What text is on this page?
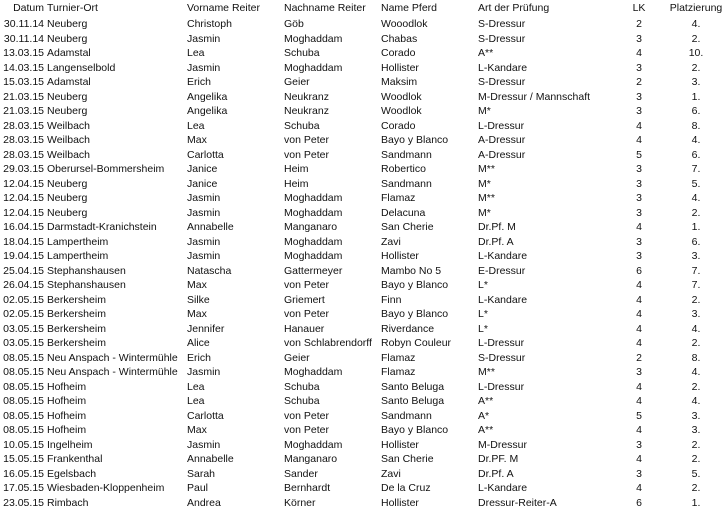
Datum	Turnier-Ort	Vorname Reiter	Nachname Reiter	Name Pferd	Art der Prüfung	LK	Platzierung
30.11.14	Neuberg	Christoph	Göb	Wooodlok	S-Dressur	2	4.
30.11.14	Neuberg	Jasmin	Moghaddam	Chabas	S-Dressur	3	2.
13.03.15	Adamstal	Lea	Schuba	Corado	A**	4	10.
14.03.15	Langenselbold	Jasmin	Moghaddam	Hollister	L-Kandare	3	2.
15.03.15	Adamstal	Erich	Geier	Maksim	S-Dressur	2	3.
21.03.15	Neuberg	Angelika	Neukranz	Woodlok	M-Dressur / Mannschaft	3	1.
21.03.15	Neuberg	Angelika	Neukranz	Woodlok	M*	3	6.
28.03.15	Weilbach	Lea	Schuba	Corado	L-Dressur	4	8.
28.03.15	Weilbach	Max	von Peter	Bayo y Blanco	A-Dressur	4	4.
28.03.15	Weilbach	Carlotta	von Peter	Sandmann	A-Dressur	5	6.
29.03.15	Oberursel-Bommersheim	Janice	Heim	Robertico	M**	3	7.
12.04.15	Neuberg	Janice	Heim	Sandmann	M*	3	5.
12.04.15	Neuberg	Jasmin	Moghaddam	Flamaz	M**	3	4.
12.04.15	Neuberg	Jasmin	Moghaddam	Delacuna	M*	3	2.
16.04.15	Darmstadt-Kranichstein	Annabelle	Manganaro	San Cherie	Dr.Pf. M	4	1.
18.04.15	Lampertheim	Jasmin	Moghaddam	Zavi	Dr.Pf. A	3	6.
19.04.15	Lampertheim	Jasmin	Moghaddam	Hollister	L-Kandare	3	3.
25.04.15	Stephanshausen	Natascha	Gattermeyer	Mambo No 5	E-Dressur	6	7.
26.04.15	Stephanshausen	Max	von Peter	Bayo y Blanco	L*	4	7.
02.05.15	Berkersheim	Silke	Griemert	Finn	L-Kandare	4	2.
02.05.15	Berkersheim	Max	von Peter	Bayo y Blanco	L*	4	3.
03.05.15	Berkersheim	Jennifer	Hanauer	Riverdance	L*	4	4.
03.05.15	Berkersheim	Alice	von Schlabrendorff	Robyn Couleur	L-Dressur	4	2.
08.05.15	Neu Anspach - Wintermühle	Erich	Geier	Flamaz	S-Dressur	2	8.
08.05.15	Neu Anspach - Wintermühle	Jasmin	Moghaddam	Flamaz	M**	3	4.
08.05.15	Hofheim	Lea	Schuba	Santo Beluga	L-Dressur	4	2.
08.05.15	Hofheim	Lea	Schuba	Santo Beluga	A**	4	4.
08.05.15	Hofheim	Carlotta	von Peter	Sandmann	A*	5	3.
08.05.15	Hofheim	Max	von Peter	Bayo y Blanco	A**	4	3.
10.05.15	Ingelheim	Jasmin	Moghaddam	Hollister	M-Dressur	3	2.
15.05.15	Frankenthal	Annabelle	Manganaro	San Cherie	Dr.PF. M	4	2.
16.05.15	Egelsbach	Sarah	Sander	Zavi	Dr.Pf. A	3	5.
17.05.15	Wiesbaden-Kloppenheim	Paul	Bernhardt	De la Cruz	L-Kandare	4	2.
23.05.15	Rimbach	Andrea	Körner	Hollister	Dressur-Reiter-A	6	1.
